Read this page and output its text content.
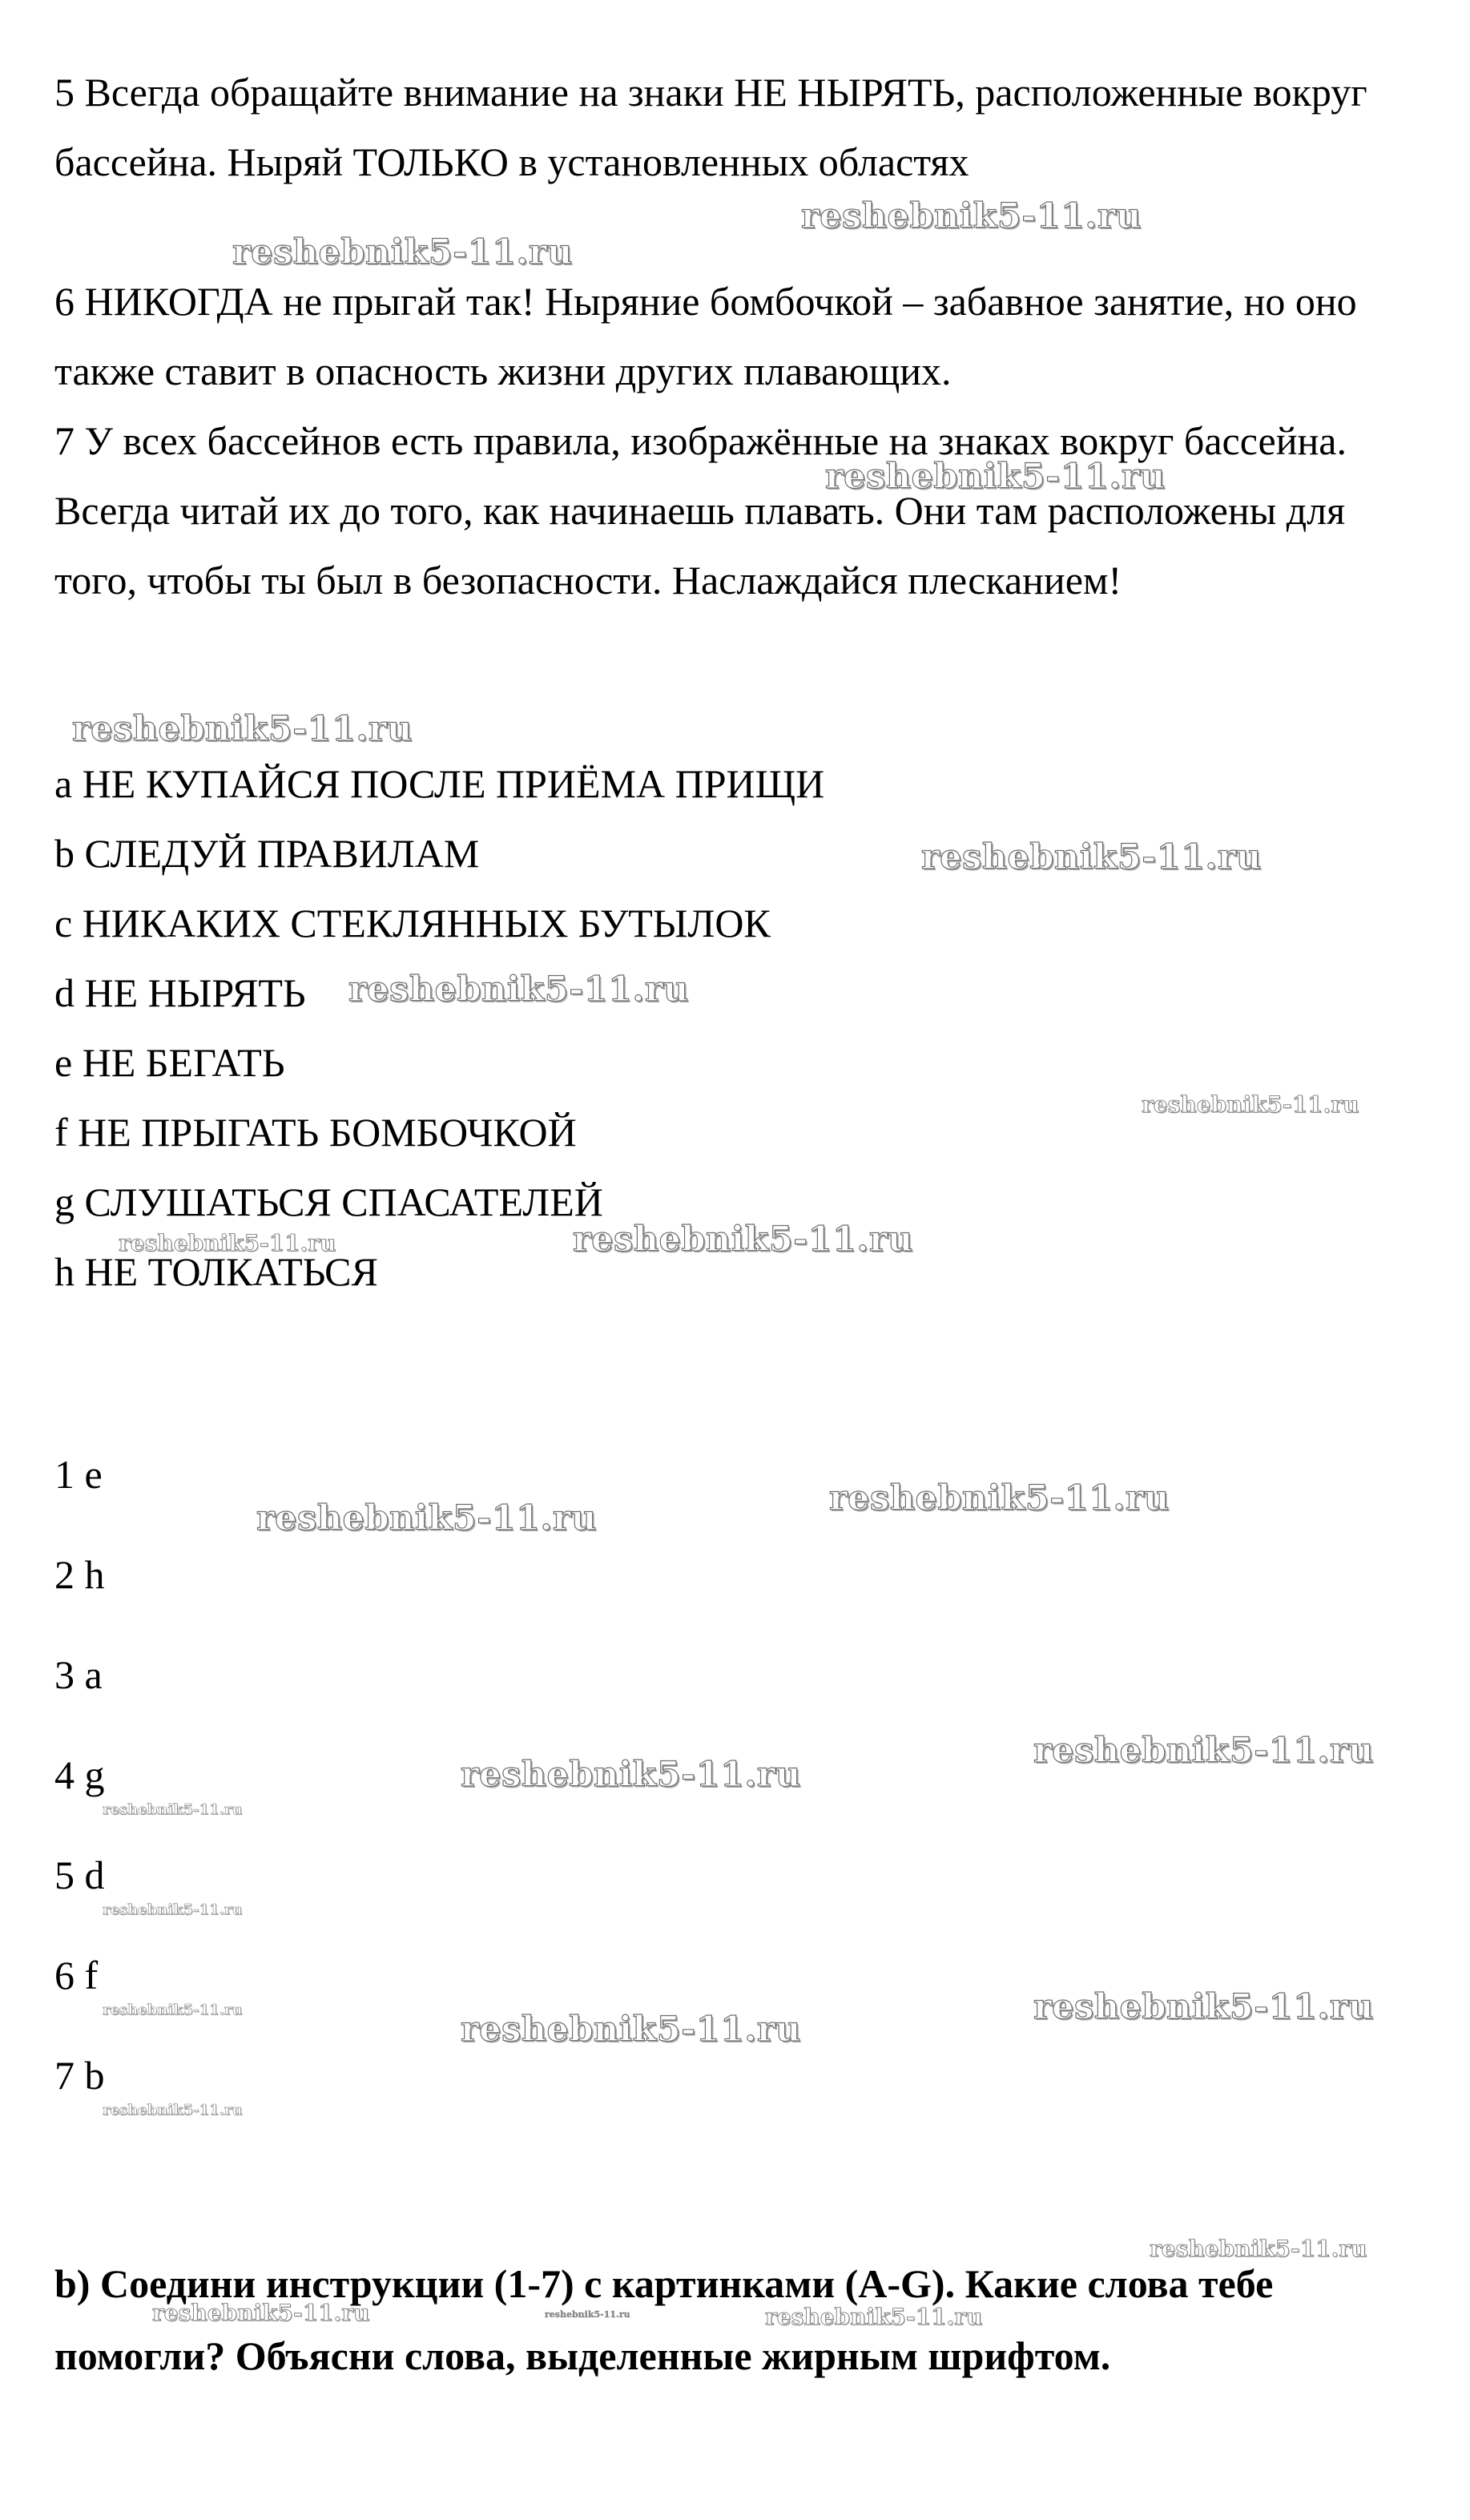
5 Всегда обращайте внимание на знаки НЕ НЫРЯТЬ, расположенные вокруг бассейна. Ныряй ТОЛЬКО в установленных областях

6 НИКОГДА не прыгай так! Ныряние бомбочкой – забавное занятие, но оно также ставит в опасность жизни других плавающих.

7 У всех бассейнов есть правила, изображённые на знаках вокруг бассейна. Всегда читай их до того, как начинаешь плавать. Они там расположены для того, чтобы ты был в безопасности. Наслаждайся плесканием!

a НЕ КУПАЙСЯ ПОСЛЕ ПРИЁМА ПРИЩИ
b СЛЕДУЙ ПРАВИЛАМ
c НИКАКИХ СТЕКЛЯННЫХ БУТЫЛОК
d НЕ НЫРЯТЬ
e НЕ БЕГАТЬ
f НЕ ПРЫГАТЬ БОМБОЧКОЙ
g СЛУШАТЬСЯ СПАСАТЕЛЕЙ
h НЕ ТОЛКАТЬСЯ
1 e
2 h
3 a
4 g
5 d
6 f
7 b

b) Соедини инструкции (1-7) с картинками (A-G). Какие слова тебе помогли? Объясни слова, выделенные жирным шрифтом.

reshebnik5-11.ru
reshebnik5-11.ru
reshebnik5-11.ru
reshebnik5-11.ru
reshebnik5-11.ru
reshebnik5-11.ru
reshebnik5-11.ru
reshebnik5-11.ru	reshebnik5-11.ru
reshebnik5-11.ru
reshebnik5-11.ru
reshebnik5-11.ru
reshebnik5-11.ru
reshebnik5-11.ru
reshebnik5-11.ru
reshebnik5-11.ru	reshebnik5-11.ru
reshebnik5-11.ru
reshebnik5-11.ru
reshebnik5-11.ru
reshebnik5-11.ru	reshebnik5-11.ru	reshebnik5-11.ru
